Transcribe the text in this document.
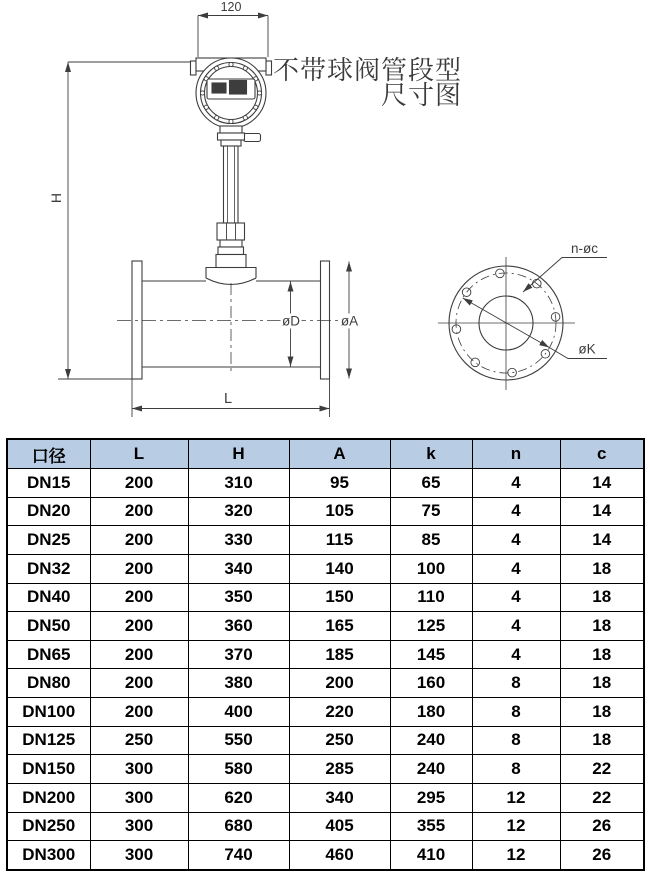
120
H
øD	øA
L
n-øc
øK
不带球阀管段型
尺寸图
口径	L	H	A	k	n	c
DN15	200	310	95	65	4	14
DN20	200	320	105	75	4	14
DN25	200	330	115	85	4	14
DN32	200	340	140	100	4	18
DN40	200	350	150	110	4	18
DN50	200	360	165	125	4	18
DN65	200	370	185	145	4	18
DN80	200	380	200	160	8	18
DN100	200	400	220	180	8	18
DN125	250	550	250	240	8	18
DN150	300	580	285	240	8	22
DN200	300	620	340	295	12	22
DN250	300	680	405	355	12	26
DN300	300	740	460	410	12	26
